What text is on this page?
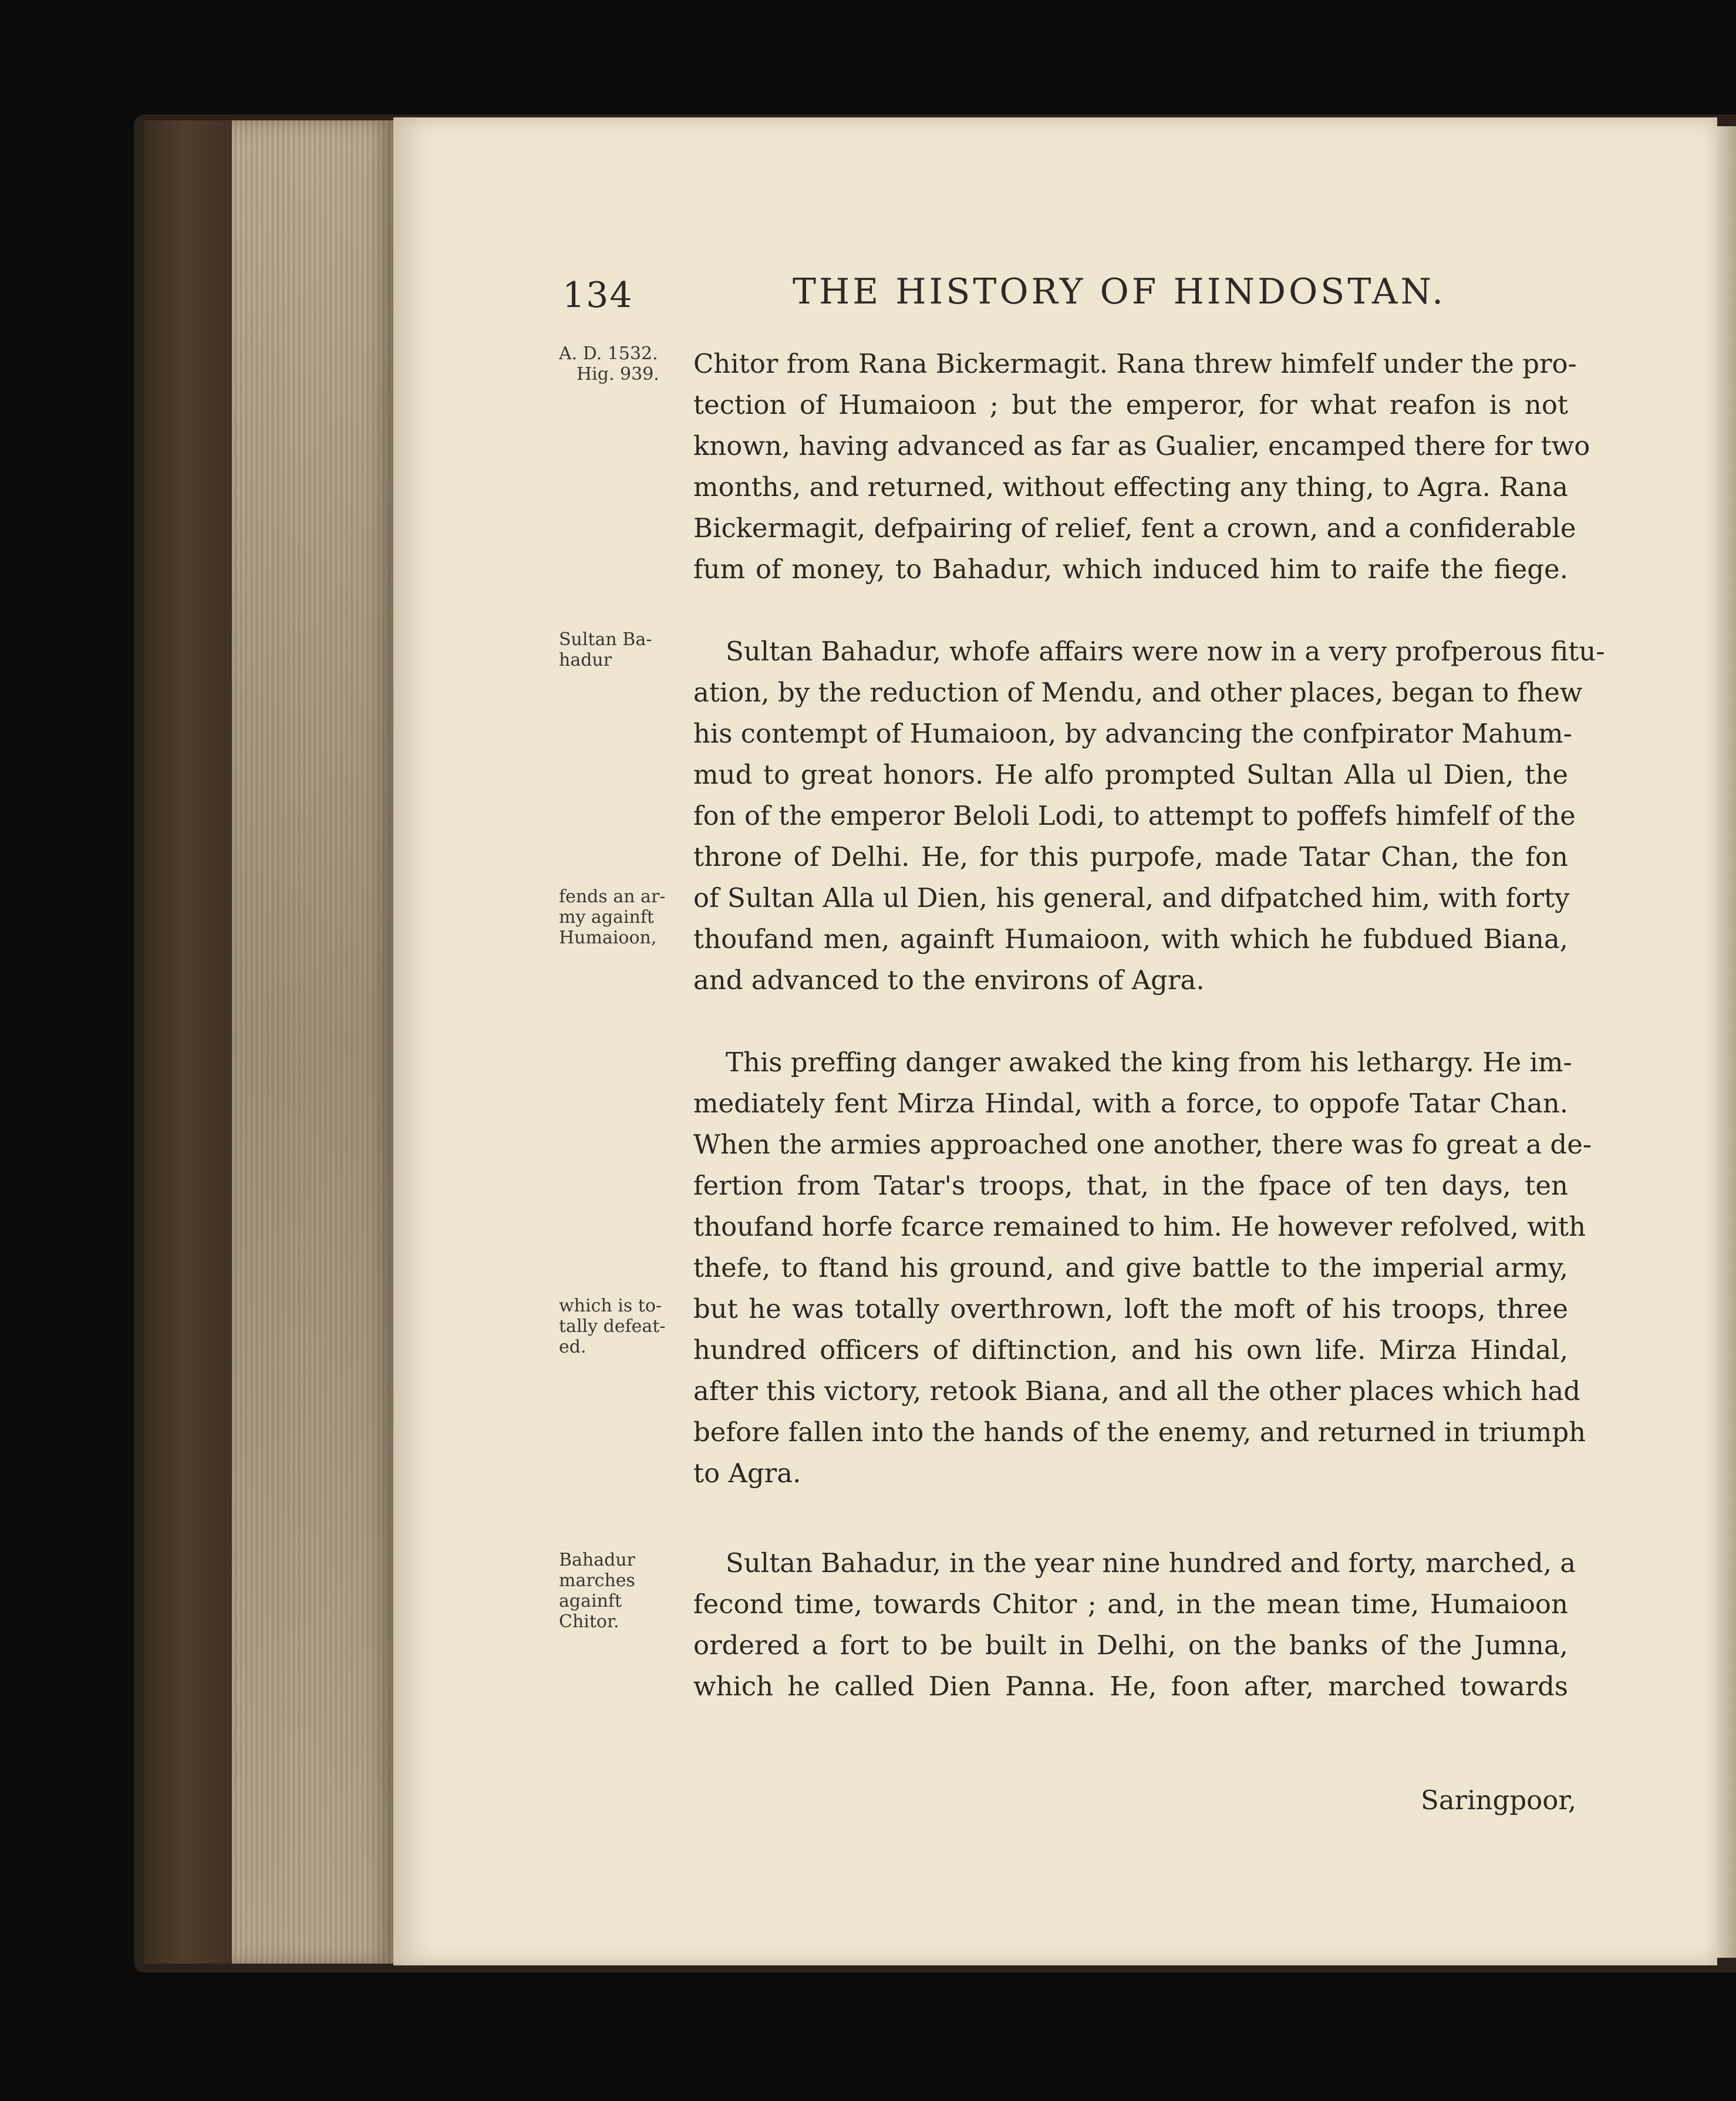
134	THE HISTORY OF HINDOSTAN.
A. D. 1532.
Hig. 939.
Sultan Ba-
hadur
fends an ar-
my againft
Humaioon,
which is to-
tally defeat-
ed.
Bahadur
marches
againft
Chitor.
Chitor from Rana Bickermagit. Rana threw himfelf under the pro-
tection of Humaioon ; but the emperor, for what reafon is not
known, having advanced as far as Gualier, encamped there for two
months, and returned, without effecting any thing, to Agra. Rana
Bickermagit, defpairing of relief, fent a crown, and a confiderable
fum of money, to Bahadur, which induced him to raife the fiege.
Sultan Bahadur, whofe affairs were now in a very profperous fitu-
ation, by the reduction of Mendu, and other places, began to fhew
his contempt of Humaioon, by advancing the confpirator Mahum-
mud to great honors. He alfo prompted Sultan Alla ul Dien, the
fon of the emperor Beloli Lodi, to attempt to poffefs himfelf of the
throne of Delhi. He, for this purpofe, made Tatar Chan, the fon
of Sultan Alla ul Dien, his general, and difpatched him, with forty
thoufand men, againft Humaioon, with which he fubdued Biana,
and advanced to the environs of Agra.
This preffing danger awaked the king from his lethargy. He im-
mediately fent Mirza Hindal, with a force, to oppofe Tatar Chan.
When the armies approached one another, there was fo great a de-
fertion from Tatar's troops, that, in the fpace of ten days, ten
thoufand horfe fcarce remained to him. He however refolved, with
thefe, to ftand his ground, and give battle to the imperial army,
but he was totally overthrown, loft the moft of his troops, three
hundred officers of diftinction, and his own life. Mirza Hindal,
after this victory, retook Biana, and all the other places which had
before fallen into the hands of the enemy, and returned in triumph
to Agra.
Sultan Bahadur, in the year nine hundred and forty, marched, a
fecond time, towards Chitor ; and, in the mean time, Humaioon
ordered a fort to be built in Delhi, on the banks of the Jumna,
which he called Dien Panna. He, foon after, marched towards
Saringpoor,
